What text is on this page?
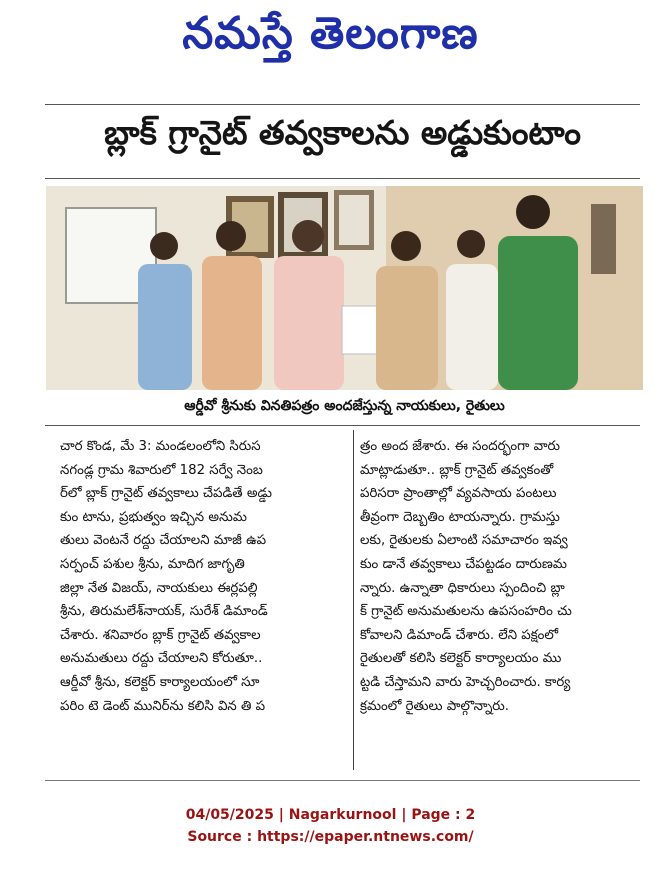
నమస్తే తెలంగాణ
బ్లాక్ గ్రానైట్ తవ్వకాలను అడ్డుకుంటాం
ఆర్డీవో శ్రీనుకు వినతిపత్రం అందజేస్తున్న నాయకులు, రైతులు

చార కొండ, మే 3: మండలంలోని సిరుస

నగండ్ల గ్రామ శివారులో 182 సర్వే నెంబ

ర్‌లో బ్లాక్ గ్రానైట్ తవ్వకాలు చేపడితే అడ్డు

కుం టాను, ప్రభుత్వం ఇచ్చిన అనుమ

తులు వెంటనే రద్దు చేయాలని మాజీ ఉప

సర్పంచ్ పశుల శ్రీను, మాదిగ జాగృతి

జిల్లా నేత విజయ్, నాయకులు ఈర్లపల్లి

శ్రీను, తిరుమలేశ్‌నాయక్, సురేశ్ డిమాండ్

చేశారు. శనివారం బ్లాక్ గ్రానైట్ తవ్వకాల

అనుమతులు రద్దు చేయాలని కోరుతూ..

ఆర్డీవో శ్రీను, కలెక్టర్ కార్యాలయంలో సూ

పరిం టె డెంట్ మునిర్‌ను కలిసి విన తి ప

త్రం అంద జేశారు. ఈ సందర్భంగా వారు

మాట్లాడుతూ.. బ్లాక్ గ్రానైట్ తవ్వకంతో

పరిసరా ప్రాంతాల్లో వ్యవసాయ పంటలు

తీవ్రంగా దెబ్బతిం టాయన్నారు. గ్రామస్తు

లకు, రైతులకు ఏలాంటి సమాచారం ఇవ్వ

కుం డానే తవ్వకాలు చేపట్టడం దారుణమ

న్నారు. ఉన్నాతా ధికారులు స్పందించి బ్లా

క్ గ్రానైట్ అనుమతులను ఉపసంహరిం చు

కోవాలని డిమాండ్ చేశారు. లేని పక్షంలో

రైతులతో కలిసి కలెక్టర్ కార్యాలయం ము

ట్టడి చేస్తామని వారు హెచ్చరించారు. కార్య

క్రమంలో రైతులు పాల్గొన్నారు.

04/05/2025 | Nagarkurnool | Page : 2
Source : https://epaper.ntnews.com/
